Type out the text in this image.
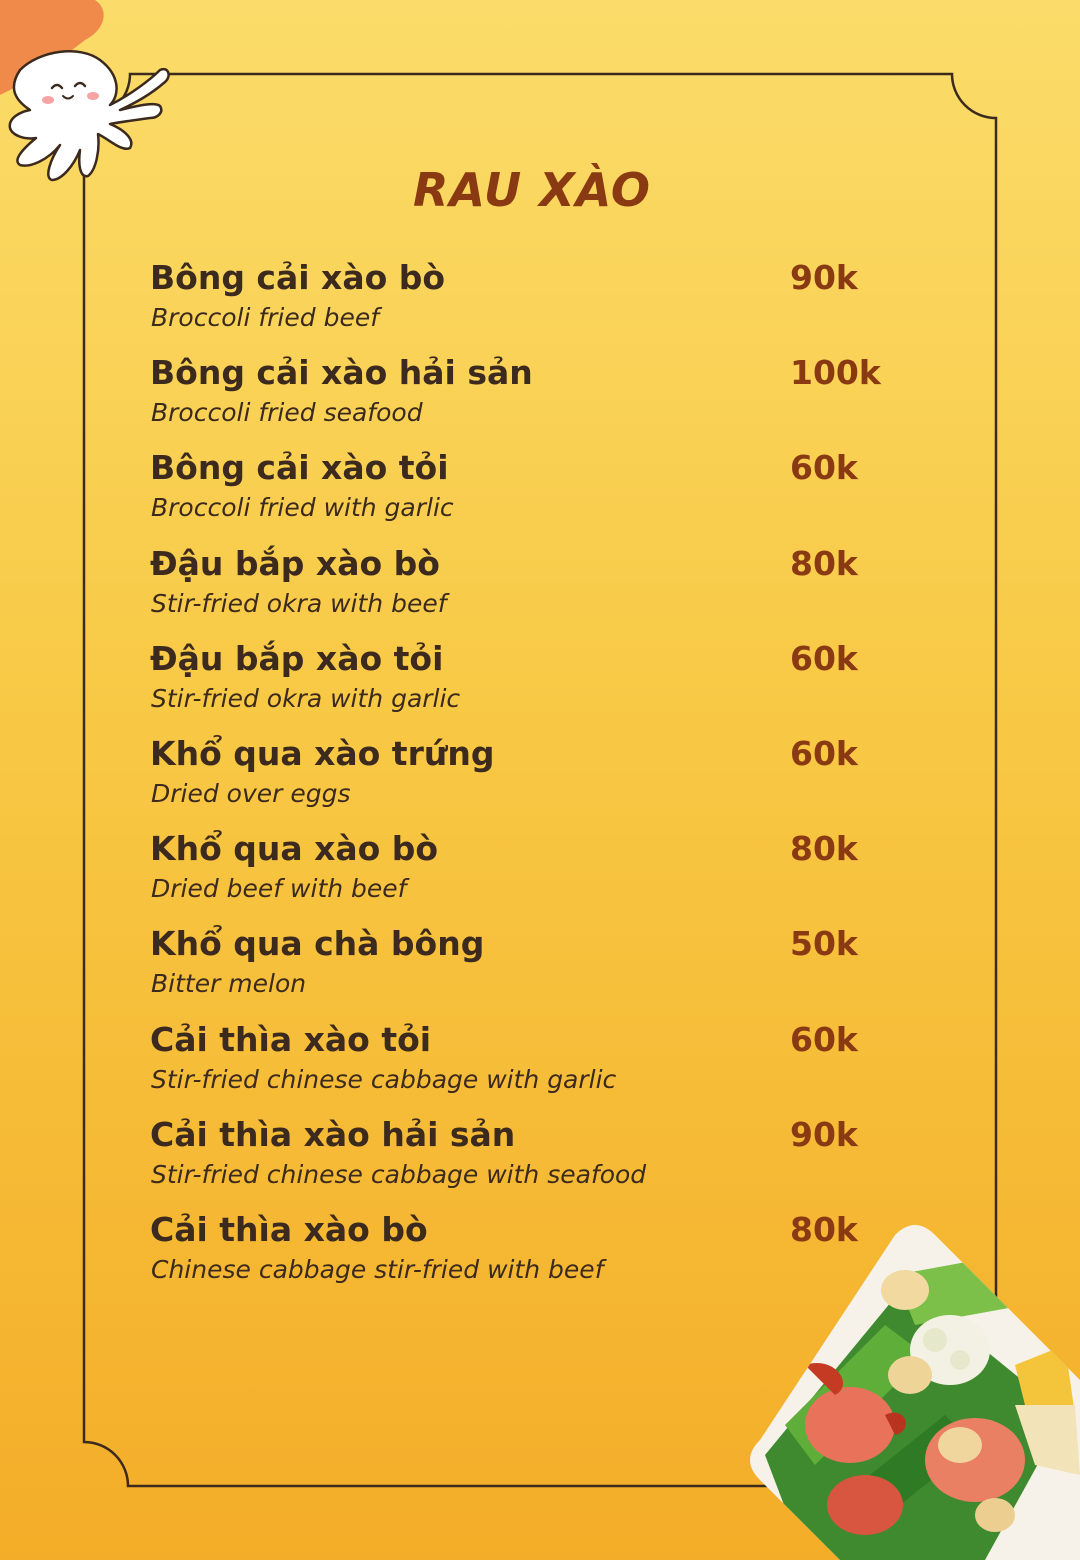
RAU XÀO
Bông cải xào bò
Broccoli fried beef
90k
Bông cải xào hải sản
Broccoli fried seafood
100k
Bông cải xào tỏi
Broccoli fried with garlic
60k
Đậu bắp xào bò
Stir-fried okra with beef
80k
Đậu bắp xào tỏi
Stir-fried okra with garlic
60k
Khổ qua xào trứng
Dried over eggs
60k
Khổ qua xào bò
Dried beef with beef
80k
Khổ qua chà bông
Bitter melon
50k
Cải thìa xào tỏi
Stir-fried chinese cabbage with garlic
60k
Cải thìa xào hải sản
Stir-fried chinese cabbage with seafood
90k
Cải thìa xào bò
Chinese cabbage stir-fried with beef
80k
